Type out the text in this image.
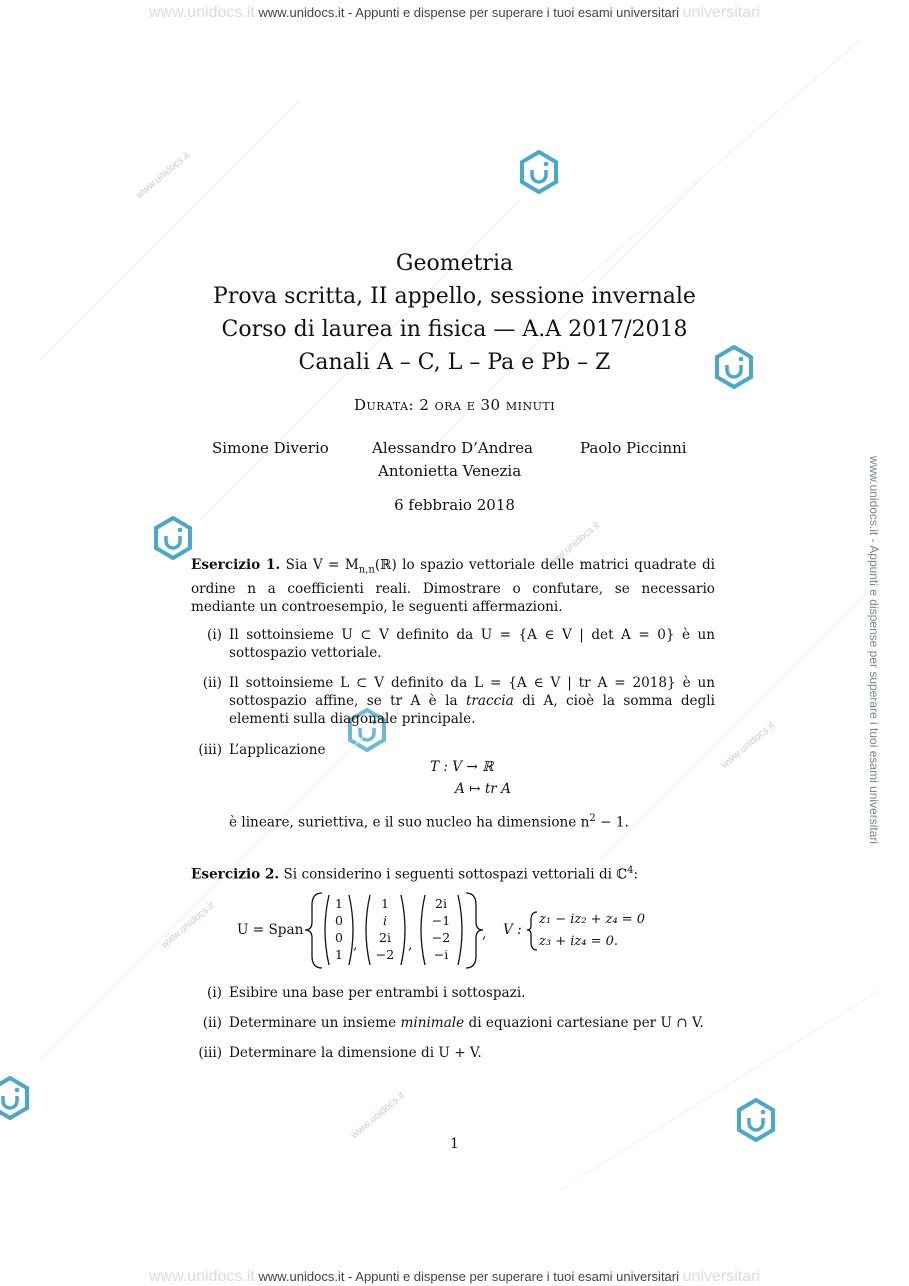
www.unidocs.it www.unidocs.it - Appunti e dispense per superare i tuoi esami universitari universitari
www.unidocs.it www.unidocs.it - Appunti e dispense per superare i tuoi esami universitari universitari
www.unidocs.it - Appunti e dispense per superare i tuoi esami universitari
www.unidocs.it
www.unidocs.it
www.unidocs.it
www.unidocs.it
www.unidocs.it
Geometria
Prova scritta, II appello, sessione invernale
Corso di laurea in fisica — A.A 2017/2018
Canali A – C, L – Pa e Pb – Z
Durata: 2 ora e 30 minuti
Simone Diverio	Alessandro D’Andrea	Paolo Piccinni
Antonietta Venezia
6 febbraio 2018
Esercizio 1. Sia $V = M_{n,n}(ℝ)$ lo spazio vettoriale delle matrici quadrate di ordine n a coefficienti reali. Dimostrare o confutare, se necessario mediante un controesempio, le seguenti affermazioni.
(i) Il sottoinsieme U ⊂ V definito da U = {A ∈ V | det A = 0} è un sottospazio vettoriale.
(ii) Il sottoinsieme L ⊂ V definito da L = {A ∈ V | tr A = 2018} è un sottospazio affine, se tr A è la traccia di A, cioè la somma degli elementi sulla diagonale principale.
(iii) L’applicazione
T : V → ℝ
A ↦ tr A
è lineare, suriettiva, e il suo nucleo ha dimensione $n^2 - 1$.
Esercizio 2. Si considerino i seguenti sottospazi vettoriali di ℂ$^4$:
U = Span
1
0
0
1
1
i
2i
−2
2i
−1
−2
−i
,	,
, V :
z₁ − iz₂ + z₄ = 0
z₃ + iz₄ = 0.
(i) Esibire una base per entrambi i sottospazi.
(ii) Determinare un insieme minimale di equazioni cartesiane per U ∩ V.
(iii) Determinare la dimensione di U + V.
1
